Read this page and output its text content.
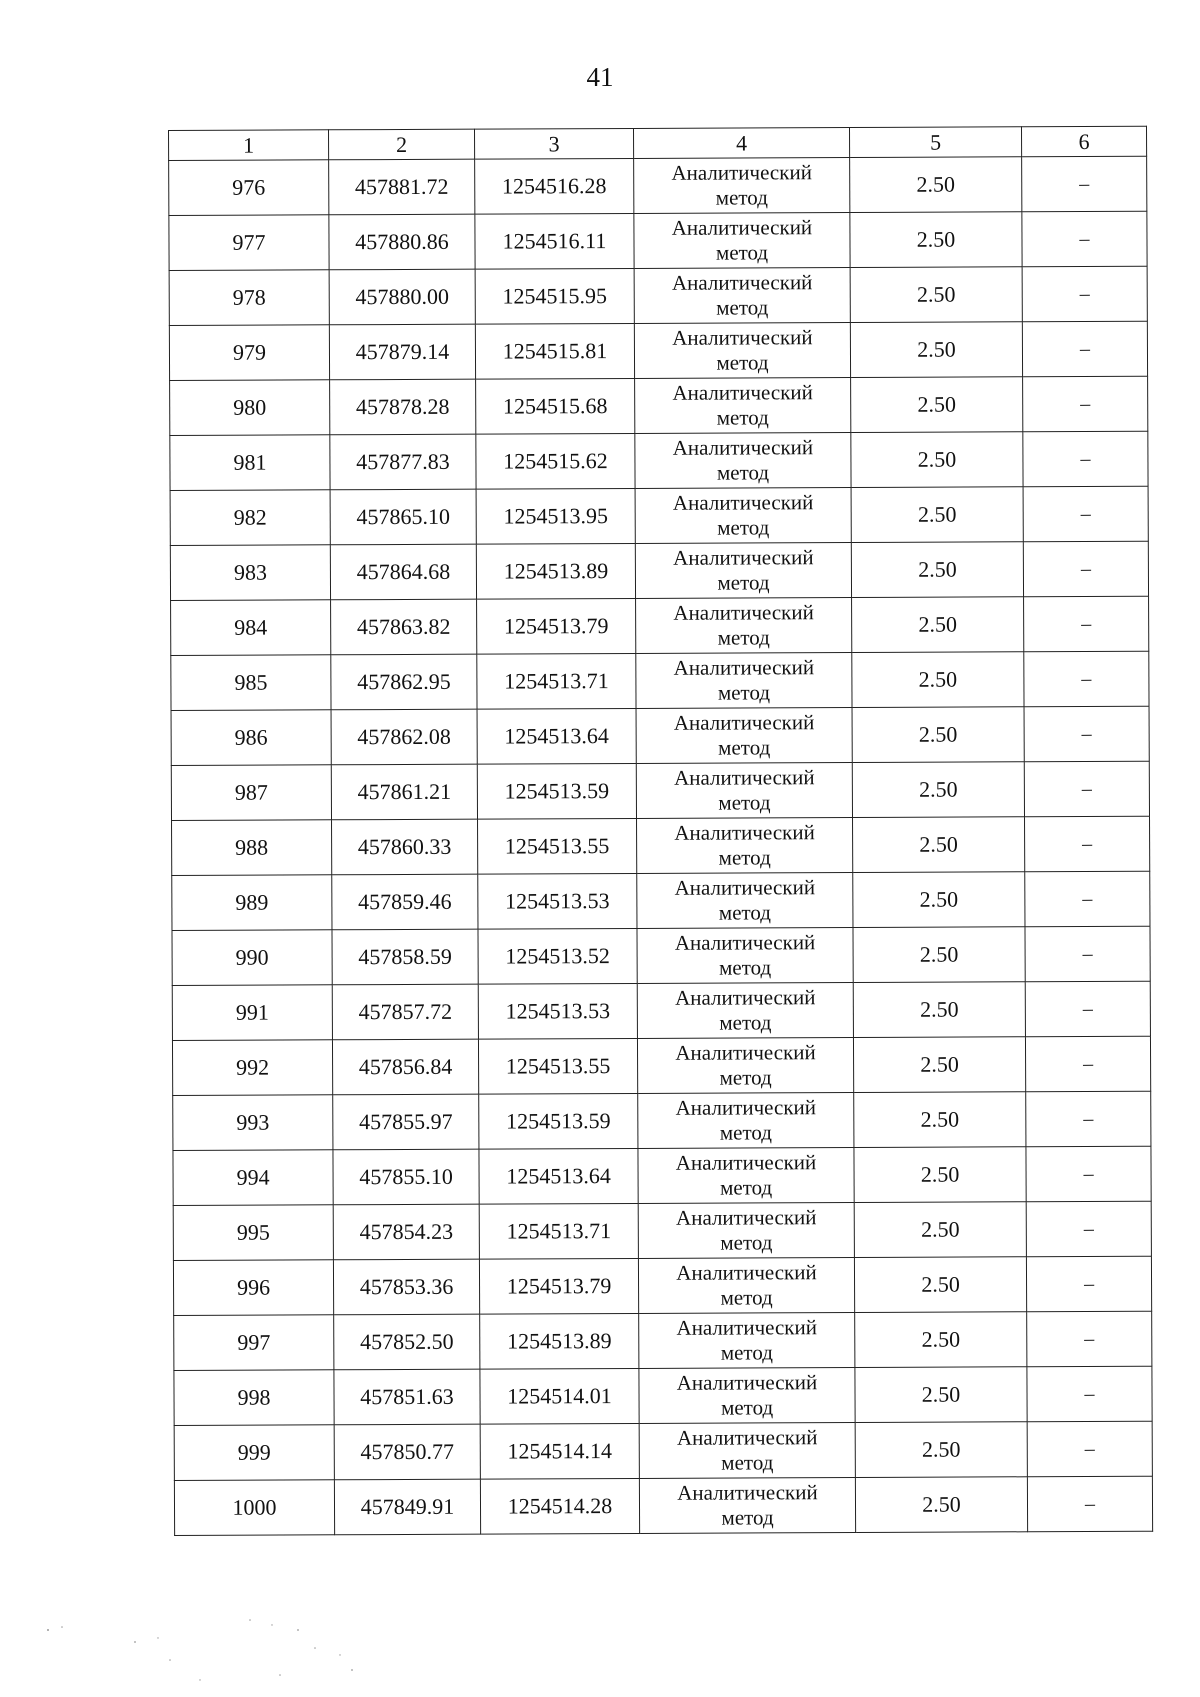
41
1	2	3	4	5	6
976	457881.72	1254516.28	Аналитический
метод	2.50	–
977	457880.86	1254516.11	Аналитический
метод	2.50	–
978	457880.00	1254515.95	Аналитический
метод	2.50	–
979	457879.14	1254515.81	Аналитический
метод	2.50	–
980	457878.28	1254515.68	Аналитический
метод	2.50	–
981	457877.83	1254515.62	Аналитический
метод	2.50	–
982	457865.10	1254513.95	Аналитический
метод	2.50	–
983	457864.68	1254513.89	Аналитический
метод	2.50	–
984	457863.82	1254513.79	Аналитический
метод	2.50	–
985	457862.95	1254513.71	Аналитический
метод	2.50	–
986	457862.08	1254513.64	Аналитический
метод	2.50	–
987	457861.21	1254513.59	Аналитический
метод	2.50	–
988	457860.33	1254513.55	Аналитический
метод	2.50	–
989	457859.46	1254513.53	Аналитический
метод	2.50	–
990	457858.59	1254513.52	Аналитический
метод	2.50	–
991	457857.72	1254513.53	Аналитический
метод	2.50	–
992	457856.84	1254513.55	Аналитический
метод	2.50	–
993	457855.97	1254513.59	Аналитический
метод	2.50	–
994	457855.10	1254513.64	Аналитический
метод	2.50	–
995	457854.23	1254513.71	Аналитический
метод	2.50	–
996	457853.36	1254513.79	Аналитический
метод	2.50	–
997	457852.50	1254513.89	Аналитический
метод	2.50	–
998	457851.63	1254514.01	Аналитический
метод	2.50	–
999	457850.77	1254514.14	Аналитический
метод	2.50	–
1000	457849.91	1254514.28	Аналитический
метод	2.50	–
